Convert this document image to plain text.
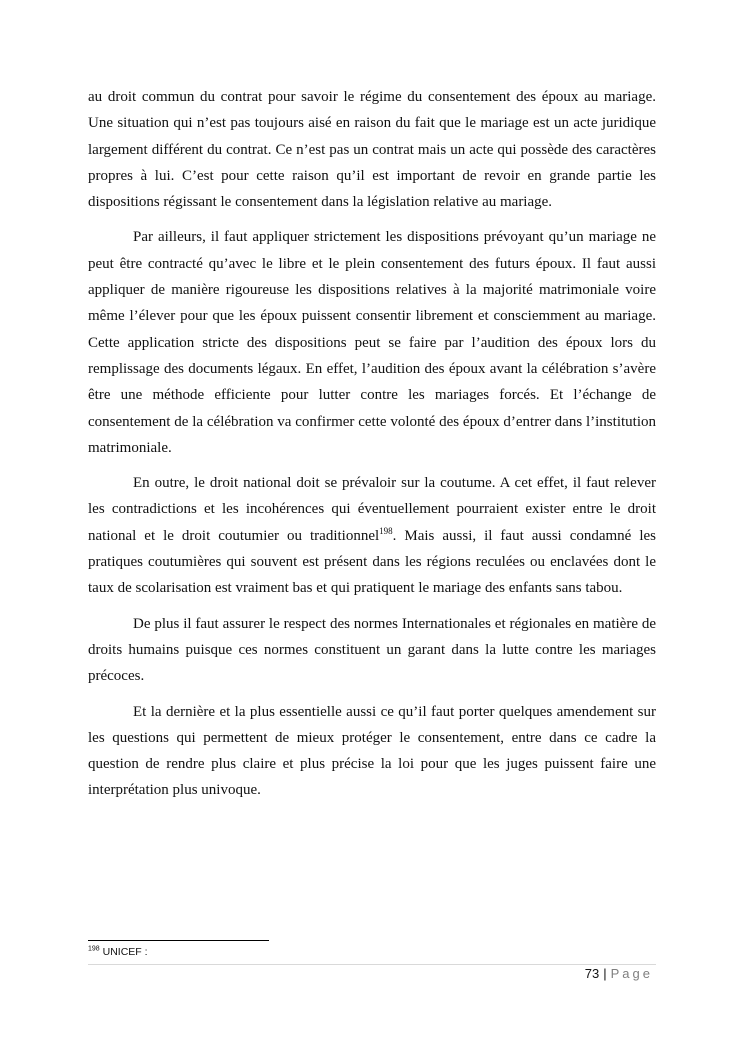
au droit commun du contrat pour savoir le régime du consentement des époux au mariage. Une situation qui n’est pas toujours aisé en raison du fait que le mariage est un acte juridique largement différent du contrat. Ce n’est pas un contrat mais un acte qui possède des caractères propres à lui. C’est pour cette raison qu’il est important de revoir en grande partie les dispositions régissant le consentement dans la législation relative au mariage.

Par ailleurs, il faut appliquer strictement les dispositions prévoyant qu’un mariage ne peut être contracté qu’avec le libre et le plein consentement des futurs époux. Il faut aussi appliquer de manière rigoureuse les dispositions relatives à la majorité matrimoniale voire même l’élever pour que les époux puissent consentir librement et consciemment au mariage. Cette application stricte des dispositions peut se faire par l’audition des époux lors du remplissage des documents légaux. En effet, l’audition des époux avant la célébration s’avère être une méthode efficiente pour lutter contre les mariages forcés. Et l’échange de consentement de la célébration va confirmer cette volonté des époux d’entrer dans l’institution matrimoniale.

En outre, le droit national doit se prévaloir sur la coutume. A cet effet, il faut relever les contradictions et les incohérences qui éventuellement pourraient exister entre le droit national et le droit coutumier ou traditionnel$^{198}$. Mais aussi, il faut aussi condamné les pratiques coutumières qui souvent est présent dans les régions reculées ou enclavées dont le taux de scolarisation est vraiment bas et qui pratiquent le mariage des enfants sans tabou.

De plus il faut assurer le respect des normes Internationales et régionales en matière de droits humains puisque ces normes constituent un garant dans la lutte contre les mariages précoces.

Et la dernière et la plus essentielle aussi ce qu’il faut porter quelques amendement sur les questions qui permettent de mieux protéger le consentement, entre dans ce cadre la question de rendre plus claire et plus précise la loi pour que les juges puissent faire une interprétation plus univoque.

$^{198}$ UNICEF :
73 | Page
